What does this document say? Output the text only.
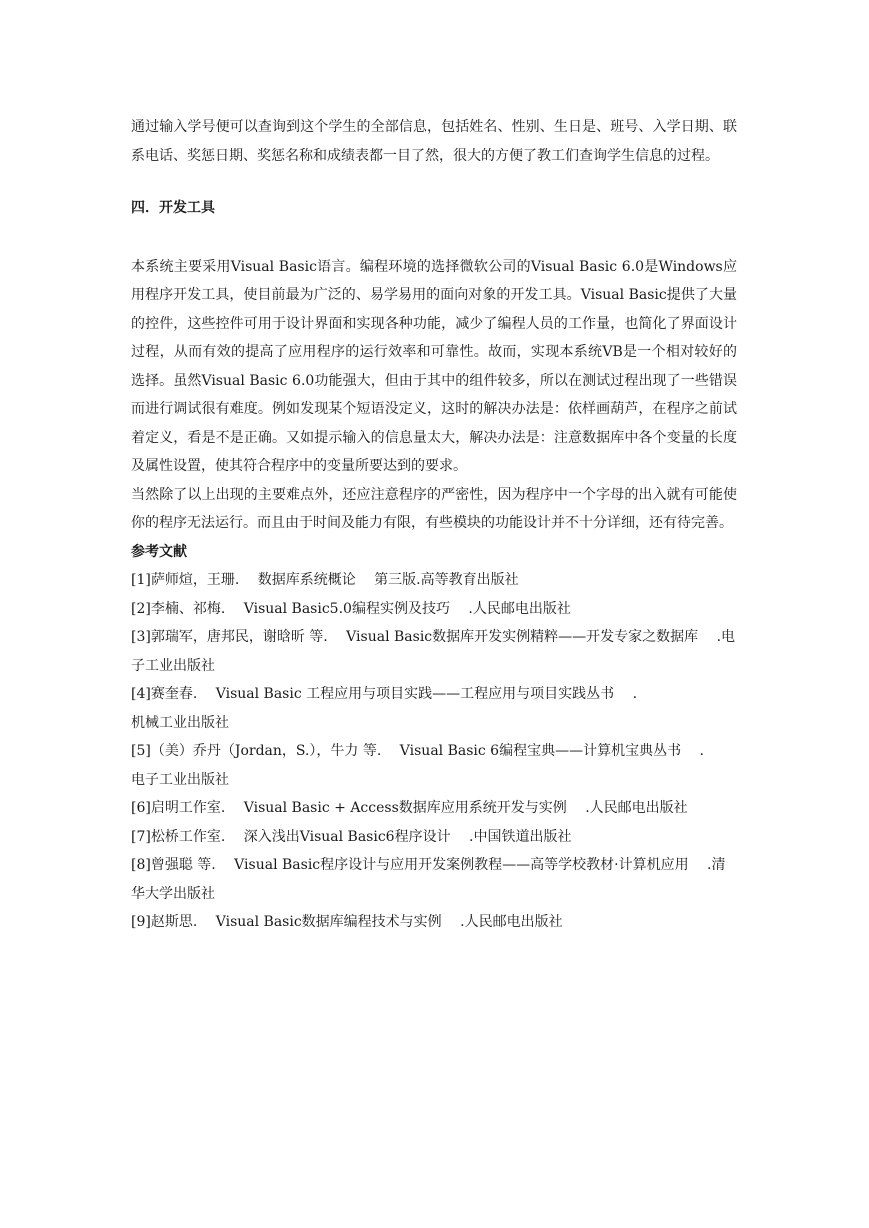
通过输入学号便可以查询到这个学生的全部信息，包括姓名、性别、生日是、班号、入学日期、联系电话、奖惩日期、奖惩名称和成绩表都一目了然，很大的方便了教工们查询学生信息的过程。

四．开发工具

本系统主要采用Visual Basic语言。编程环境的选择微软公司的Visual Basic 6.0是Windows应用程序开发工具，使目前最为广泛的、易学易用的面向对象的开发工具。Visual Basic提供了大量的控件，这些控件可用于设计界面和实现各种功能，减少了编程人员的工作量，也简化了界面设计过程，从而有效的提高了应用程序的运行效率和可靠性。故而，实现本系统VB是一个相对较好的选择。虽然Visual Basic 6.0功能强大，但由于其中的组件较多，所以在测试过程出现了一些错误而进行调试很有难度。例如发现某个短语没定义，这时的解决办法是：依样画葫芦，在程序之前试着定义，看是不是正确。又如提示输入的信息量太大，解决办法是：注意数据库中各个变量的长度及属性设置，使其符合程序中的变量所要达到的要求。

当然除了以上出现的主要难点外，还应注意程序的严密性，因为程序中一个字母的出入就有可能使你的程序无法运行。而且由于时间及能力有限，有些模块的功能设计并不十分详细，还有待完善。

参考文献

[1]萨师煊，王珊.　 数据库系统概论　 第三版.高等教育出版社

[2]李楠、祁梅.　 Visual Basic5.0编程实例及技巧　 .人民邮电出版社

[3]郭瑞军，唐邦民，谢晗昕 等.　 Visual Basic数据库开发实例精粹——开发专家之数据库　 .电子工业出版社

[4]赛奎春.　 Visual Basic 工程应用与项目实践——工程应用与项目实践丛书　 .
机械工业出版社

[5]（美）乔丹（Jordan，S.），牛力 等.　 Visual Basic 6编程宝典——计算机宝典丛书　 .
电子工业出版社

[6]启明工作室.　 Visual Basic + Access数据库应用系统开发与实例　 .人民邮电出版社

[7]松桥工作室.　 深入浅出Visual Basic6程序设计　 .中国铁道出版社

[8]曾强聪 等.　 Visual Basic程序设计与应用开发案例教程——高等学校教材·计算机应用　 .清华大学出版社

[9]赵斯思.　 Visual Basic数据库编程技术与实例　 .人民邮电出版社
